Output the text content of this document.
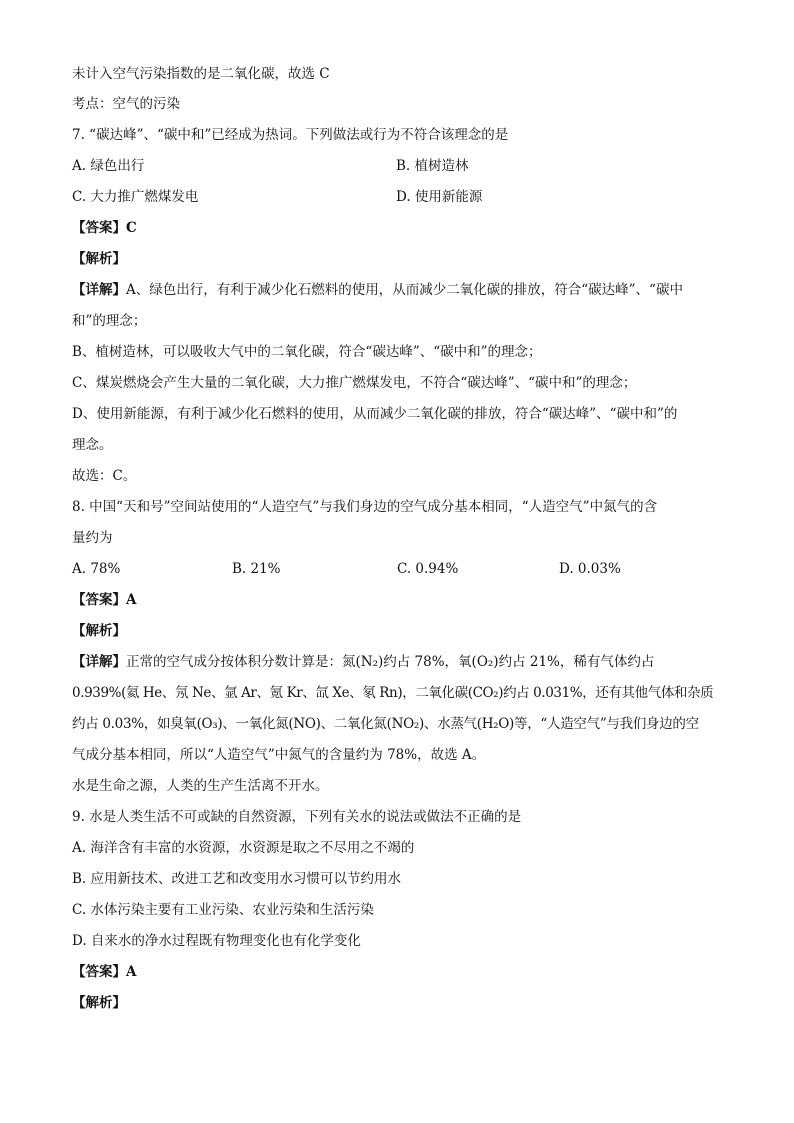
未计入空气污染指数的是二氧化碳，故选 C
考点：空气的污染
7. “碳达峰”、“碳中和”已经成为热词。下列做法或行为不符合该理念的是
A. 绿色出行	B. 植树造林
C. 大力推广燃煤发电	D. 使用新能源
【答案】C
【解析】
【详解】A、绿色出行，有利于减少化石燃料的使用，从而减少二氧化碳的排放，符合“碳达峰”、“碳中
和”的理念；
B、植树造林，可以吸收大气中的二氧化碳，符合“碳达峰”、“碳中和”的理念；
C、煤炭燃烧会产生大量的二氧化碳，大力推广燃煤发电，不符合“碳达峰”、“碳中和”的理念；
D、使用新能源，有利于减少化石燃料的使用，从而减少二氧化碳的排放，符合“碳达峰”、“碳中和”的
理念。
故选：C。
8. 中国“天和号”空间站使用的“人造空气”与我们身边的空气成分基本相同，“人造空气”中氮气的含
量约为
A. 78%	B. 21%	C. 0.94%	D. 0.03%
【答案】A
【解析】
【详解】正常的空气成分按体积分数计算是：氮(N₂)约占 78%，氧(O₂)约占 21%，稀有气体约占
0.939%(氦 He、氖 Ne、氩 Ar、氪 Kr、氙 Xe、氡 Rn)，二氧化碳(CO₂)约占 0.031%，还有其他气体和杂质
约占 0.03%，如臭氧(O₃)、一氧化氮(NO)、二氧化氮(NO₂)、水蒸气(H₂O)等，“人造空气”与我们身边的空
气成分基本相同，所以“人造空气”中氮气的含量约为 78%，故选 A。
水是生命之源，人类的生产生活离不开水。
9. 水是人类生活不可或缺的自然资源，下列有关水的说法或做法不正确的是
A. 海洋含有丰富的水资源，水资源是取之不尽用之不竭的
B. 应用新技术、改进工艺和改变用水习惯可以节约用水
C. 水体污染主要有工业污染、农业污染和生活污染
D. 自来水的净水过程既有物理变化也有化学变化
【答案】A
【解析】
